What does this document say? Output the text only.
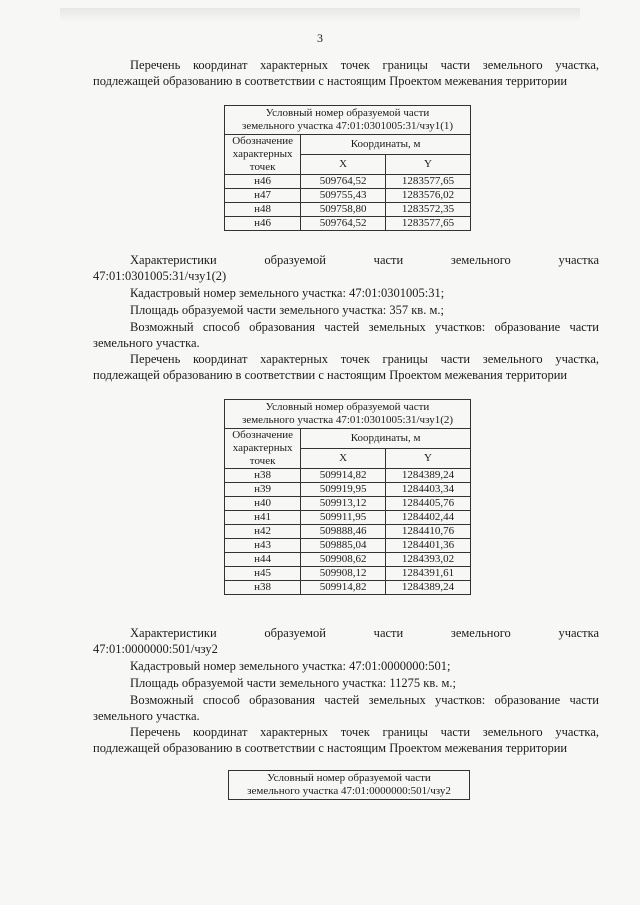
3

Перечень координат характерных точек границы части земельного участка, подлежащей образованию в соответствии с настоящим Проектом межевания территории

Условный номер образуемой части
земельного участка 47:01:0301005:31/чзу1(1)		

Обозначение
характерных
точек	Координаты, м	
	X	Y
н46	509764,52	1283577,65
н47	509755,43	1283576,02
н48	509758,80	1283572,35
н46	509764,52	1283577,65
Характеристики	образуемой	части	земельного	участка

47:01:0301005:31/чзу1(2)

Кадастровый номер земельного участка: 47:01:0301005:31;

Площадь образуемой части земельного участка: 357 кв. м.;

Возможный способ образования частей земельных участков: образование части земельного участка.

Перечень координат характерных точек границы части земельного участка, подлежащей образованию в соответствии с настоящим Проектом межевания территории

Условный номер образуемой части
земельного участка 47:01:0301005:31/чзу1(2)		

Обозначение
характерных
точек	Координаты, м	
	X	Y
н38	509914,82	1284389,24
н39	509919,95	1284403,34
н40	509913,12	1284405,76
н41	509911,95	1284402,44
н42	509888,46	1284410,76
н43	509885,04	1284401,36
н44	509908,62	1284393,02
н45	509908,12	1284391,61
н38	509914,82	1284389,24
Характеристики	образуемой	части	земельного	участка

47:01:0000000:501/чзу2

Кадастровый номер земельного участка: 47:01:0000000:501;

Площадь образуемой части земельного участка: 11275 кв. м.;

Возможный способ образования частей земельных участков: образование части земельного участка.

Перечень координат характерных точек границы части земельного участка, подлежащей образованию в соответствии с настоящим Проектом межевания территории

Условный номер образуемой части
земельного участка 47:01:0000000:501/чзу2
